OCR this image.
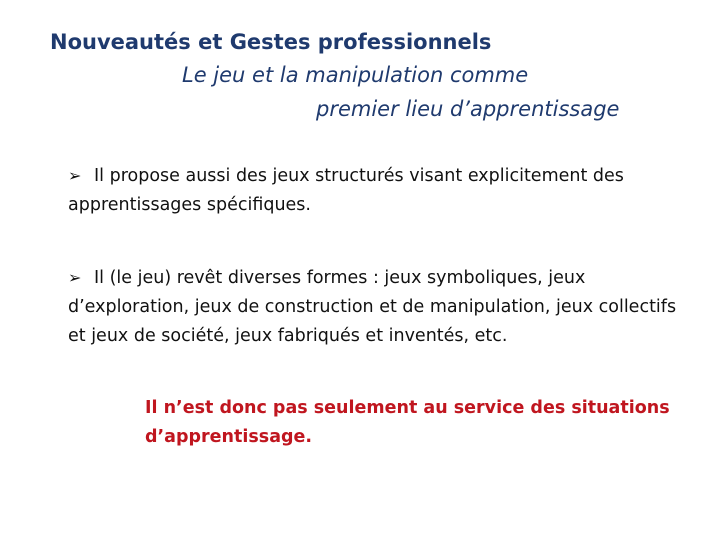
Nouveautés et Gestes professionnels
Le jeu et la manipulation comme
premier lieu d’apprentissage
➢ Il propose aussi des jeux structurés visant explicitement des apprentissages spécifiques.
➢ Il (le jeu) revêt diverses formes : jeux symboliques, jeux d’exploration, jeux de construction et de manipulation, jeux collectifs et jeux de société, jeux fabriqués et inventés, etc.
Il n’est donc pas seulement au service des situations d’apprentissage.
